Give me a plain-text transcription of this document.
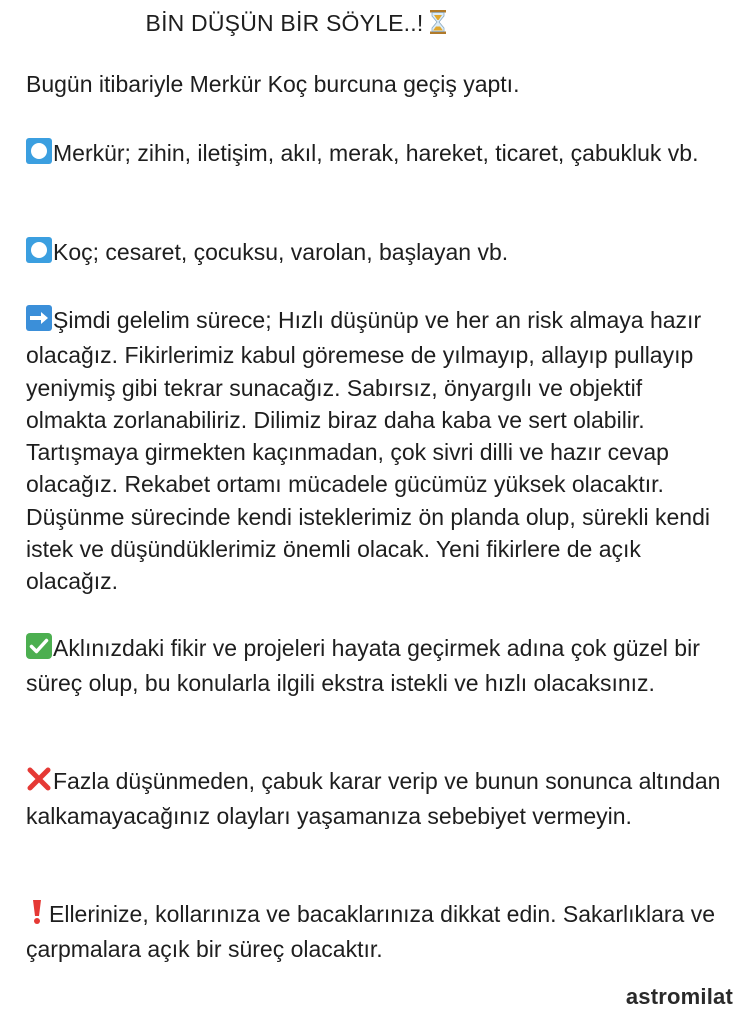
BİN DÜŞÜN BİR SÖYLE..!

Bugün itibariyle Merkür Koç burcuna geçiş yaptı.

Merkür; zihin, iletişim, akıl, merak, hareket, ticaret, çabukluk vb.

Koç; cesaret, çocuksu, varolan, başlayan vb.

Şimdi gelelim sürece; Hızlı düşünüp ve her an risk almaya hazır olacağız. Fikirlerimiz kabul göremese de yılmayıp, allayıp pullayıp yeniymiş gibi tekrar sunacağız. Sabırsız, önyargılı ve objektif olmakta zorlanabiliriz. Dilimiz biraz daha kaba ve sert olabilir. Tartışmaya girmekten kaçınmadan, çok sivri dilli ve hazır cevap olacağız. Rekabet ortamı mücadele gücümüz yüksek olacaktır. Düşünme sürecinde kendi isteklerimiz ön planda olup, sürekli kendi istek ve düşündüklerimiz önemli olacak. Yeni fikirlere de açık olacağız.

Aklınızdaki fikir ve projeleri hayata geçirmek adına çok güzel bir süreç olup, bu konularla ilgili ekstra istekli ve hızlı olacaksınız.

Fazla düşünmeden, çabuk karar verip ve bunun sonunca altından kalkamayacağınız olayları yaşamanıza sebebiyet vermeyin.

Ellerinize, kollarınıza ve bacaklarınıza dikkat edin. Sakarlıklara ve çarpmalara açık bir süreç olacaktır.

astromilat
